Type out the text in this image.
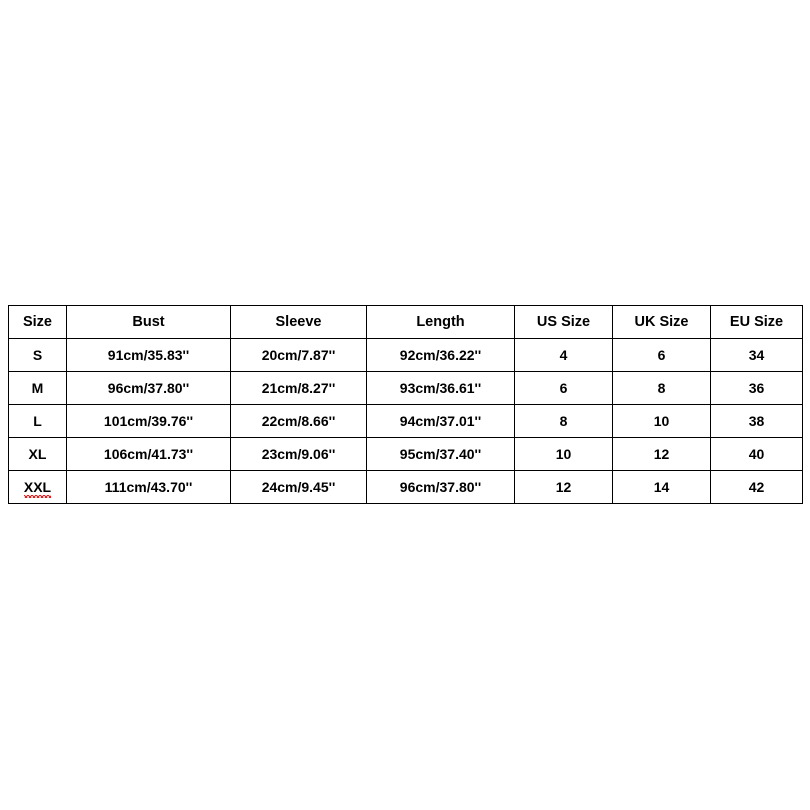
Size	Bust	Sleeve	Length	US Size	UK Size	EU Size
S	91cm/35.83''	20cm/7.87''	92cm/36.22''	4	6	34
M	96cm/37.80''	21cm/8.27''	93cm/36.61''	6	8	36
L	101cm/39.76''	22cm/8.66''	94cm/37.01''	8	10	38
XL	106cm/41.73''	23cm/9.06''	95cm/37.40''	10	12	40
XXL	111cm/43.70''	24cm/9.45''	96cm/37.80''	12	14	42
